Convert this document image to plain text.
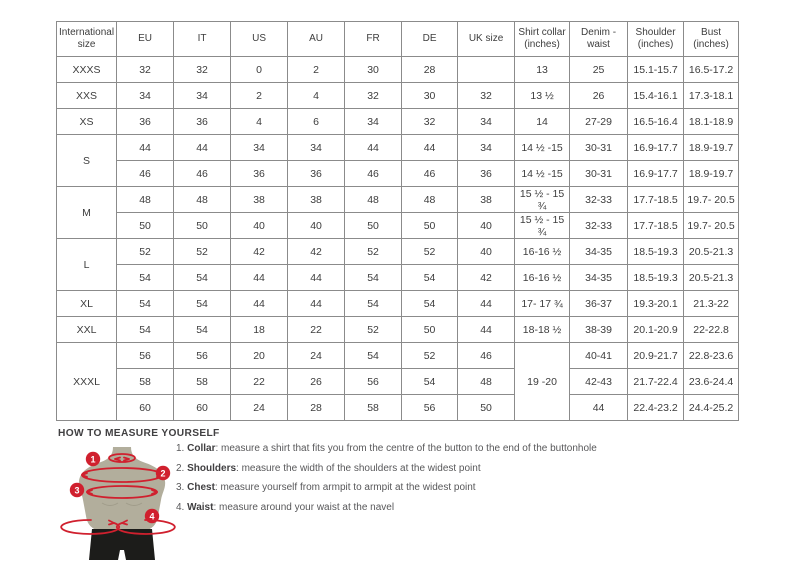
International size	EU	IT	US	AU	FR	DE	UK size	Shirt collar (inches)	Denim - waist	Shoulder (inches)	Bust (inches)
XXXS	32	32	0	2	30	28		13	25	15.1-15.7	16.5-17.2
XXS	34	34	2	4	32	30	32	13 ½	26	15.4-16.1	17.3-18.1
XS	36	36	4	6	34	32	34	14	27-29	16.5-16.4	18.1-18.9
S	44	44	34	34	44	44	34	14 ½ -15	30-31	16.9-17.7	18.9-19.7
	46	46	36	36	46	46	36	14 ½ -15	30-31	16.9-17.7	18.9-19.7
M	48	48	38	38	48	48	38	15 ½ - 15 ¾	32-33	17.7-18.5	19.7- 20.5
	50	50	40	40	50	50	40	15 ½ - 15 ¾	32-33	17.7-18.5	19.7- 20.5
L	52	52	42	42	52	52	40	16-16 ½	34-35	18.5-19.3	20.5-21.3
	54	54	44	44	54	54	42	16-16 ½	34-35	18.5-19.3	20.5-21.3
XL	54	54	44	44	54	54	44	17- 17 ¾	36-37	19.3-20.1	21.3-22
XXL	54	54	18	22	52	50	44	18-18 ½	38-39	20.1-20.9	22-22.8
XXXL	56	56	20	24	54	52	46	19 -20	40-41	20.9-21.7	22.8-23.6
	58	58	22	26	56	54	48		42-43	21.7-22.4	23.6-24.4
	60	60	24	28	58	56	50		44	22.4-23.2	24.4-25.2
HOW TO MEASURE YOURSELF
1
2
3
4
1. Collar: measure a shirt that fits you from the centre of the button to the end of the buttonhole
2. Shoulders: measure the width of the shoulders at the widest point
3. Chest: measure yourself from armpit to armpit at the widest point
4. Waist: measure around your waist at the navel
